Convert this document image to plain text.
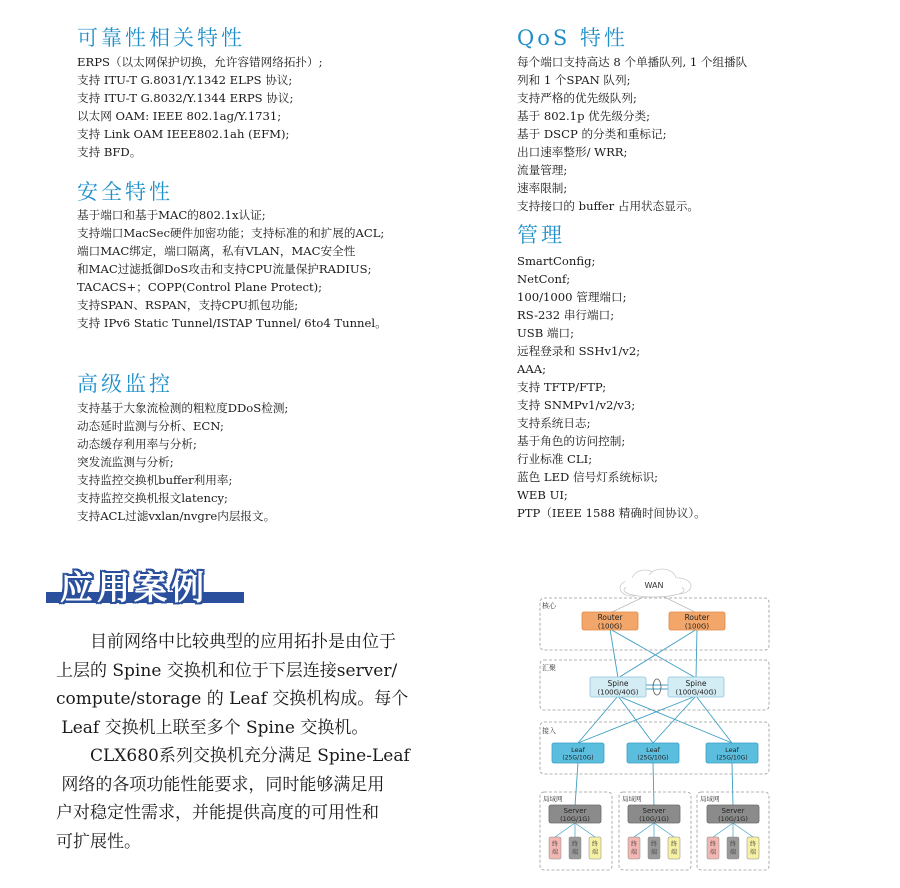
可靠性相关特性
ERPS（以太网保护切换，允许容错网络拓扑）;
支持 ITU-T G.8031/Y.1342 ELPS 协议;
支持 ITU-T G.8032/Y.1344 ERPS 协议;
以太网 OAM: IEEE 802.1ag/Y.1731;
支持 Link OAM IEEE802.1ah (EFM);
支持 BFD。
安全特性
基于端口和基于MAC的802.1x认证;
支持端口MacSec硬件加密功能；支持标准的和扩展的ACL;
端口MAC绑定，端口隔离，私有VLAN，MAC安全性
和MAC过滤抵御DoS攻击和支持CPU流量保护RADIUS;
TACACS+；COPP(Control Plane Protect);
支持SPAN、RSPAN，支持CPU抓包功能;
支持 IPv6 Static Tunnel/ISTAP Tunnel/ 6to4 Tunnel。
高级监控
支持基于大象流检测的粗粒度DDoS检测;
动态延时监测与分析、ECN;
动态缓存利用率与分析;
突发流监测与分析;
支持监控交换机buffer利用率;
支持监控交换机报文latency;
支持ACL过滤vxlan/nvgre内层报文。
QoS 特性
每个端口支持高达 8 个单播队列, 1 个组播队
列和 1 个SPAN 队列;
支持严格的优先级队列;
基于 802.1p 优先级分类;
基于 DSCP 的分类和重标记;
出口速率整形/ WRR;
流量管理;
速率限制;
支持接口的 buffer 占用状态显示。
管理
SmartConfig;
NetConf;
100/1000 管理端口;
RS-232 串行端口;
USB 端口;
远程登录和 SSHv1/v2;
AAA;
支持 TFTP/FTP;
支持 SNMPv1/v2/v3;
支持系统日志;
基于角色的访问控制;
行业标准 CLI;
蓝色 LED 信号灯系统标识;
WEB UI;
PTP（IEEE 1588 精确时间协议）。
应用案例

　　目前网络中比较典型的应用拓扑是由位于

上层的 Spine 交换机和位于下层连接server/

compute/storage 的 Leaf 交换机构成。每个

Leaf 交换机上联至多个 Spine 交换机。

　　CLX680系列交换机充分满足 Spine-Leaf

网络的各项功能性能要求，同时能够满足用

户对稳定性需求，并能提供高度的可用性和

可扩展性。

核心
汇聚
接入
局域网	局域网	局域网
WAN
Router
(100G)
Router
(100G)
Spine
(100G/40G)
Spine
(100G/40G)
Leaf
(25G/10G)
Leaf
(25G/10G)
Leaf
(25G/10G)
Server
(10G/1G)
Server
(10G/1G)
Server
(10G/1G)
终
端
终
端
终
端
终
端
终
端
终
端
终
端
终
端
终
端
